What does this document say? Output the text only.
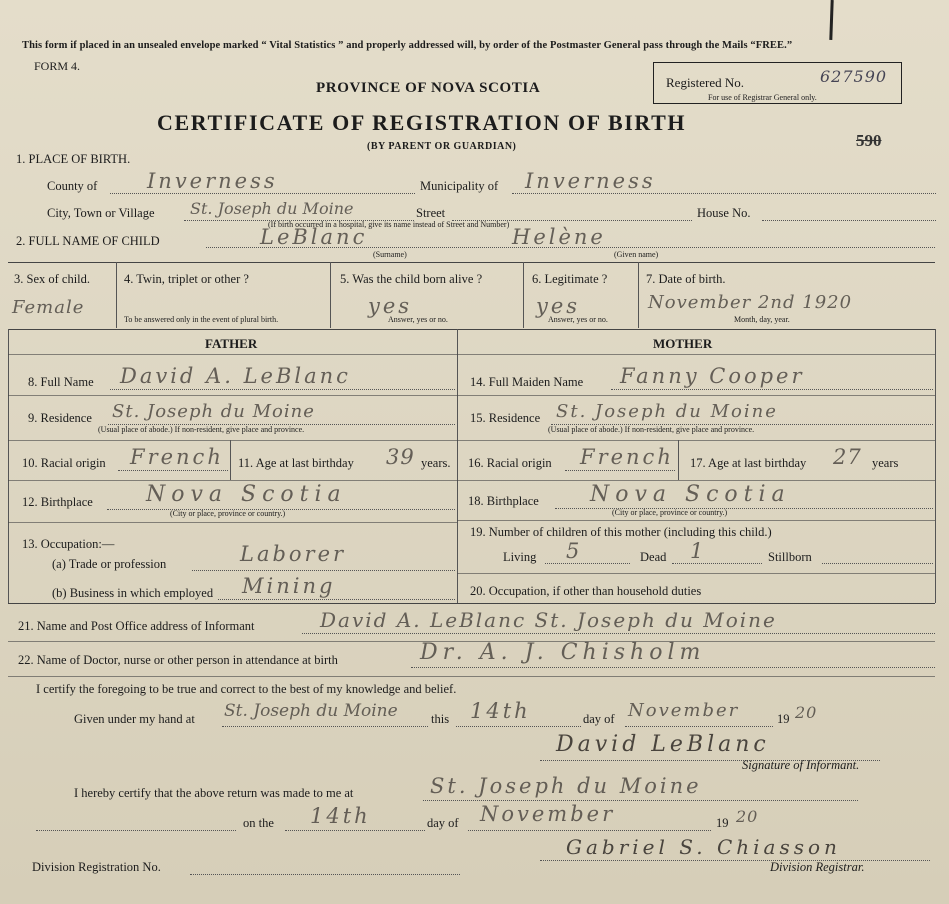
This form if placed in an unsealed envelope marked “ Vital Statistics ” and properly addressed will, by order of the Postmaster General pass through the Mails “FREE.”
FORM 4.
PROVINCE OF NOVA SCOTIA
CERTIFICATE OF REGISTRATION OF BIRTH
(BY PARENT OR GUARDIAN)
Registered No.	627590
For use of Registrar General only.
590
1. PLACE OF BIRTH.
County of Inverness	Municipality of Inverness
City, Town or Village St. Joseph du Moine
(If birth occurred in a hospital, give its name instead of Street and Number)
Street	House No.
2. FULL NAME OF CHILD	LeBlanc
(Surname)
Helène
(Given name)
3. Sex of child.
Female
4. Twin, triplet or other ?
To be answered only in the event of plural birth.
5. Was the child born alive ?
yes
Answer, yes or no.
6. Legitimate ?
yes
Answer, yes or no.
7. Date of birth.
November 2nd 1920
Month, day, year.
FATHER	MOTHER
8. Full Name David A. LeBlanc
9. Residence St. Joseph du Moine
(Usual place of abode.) If non-resident, give place and province.
10. Racial origin French 11. Age at last birthday 39 years.
12. Birthplace Nova Scotia
(City or place, province or country.)
13. Occupation:—
(a) Trade or profession	Laborer
(b) Business in which employed Mining
14. Full Maiden Name Fanny Cooper
15. Residence St. Joseph du Moine
(Usual place of abode.) If non-resident, give place and province.
16. Racial origin French 17. Age at last birthday 27 years
18. Birthplace Nova Scotia
(City or place, province or country.)
19. Number of children of this mother (including this child.)
Living 5	Dead 1	Stillborn
20. Occupation, if other than household duties
21. Name and Post Office address of Informant	David A. LeBlanc St. Joseph du Moine
22. Name of Doctor, nurse or other person in attendance at birth	Dr. A. J. Chisholm
I certify the foregoing to be true and correct to the best of my knowledge and belief.
Given under my hand at St. Joseph du Moine	this 14th	day of November	19 20
David LeBlanc
Signature of Informant.
I hereby certify that the above return was made to me at	St. Joseph du Moine
on the 14th	day of November	19 20
Division Registration No.
Gabriel S. Chiasson
Division Registrar.
